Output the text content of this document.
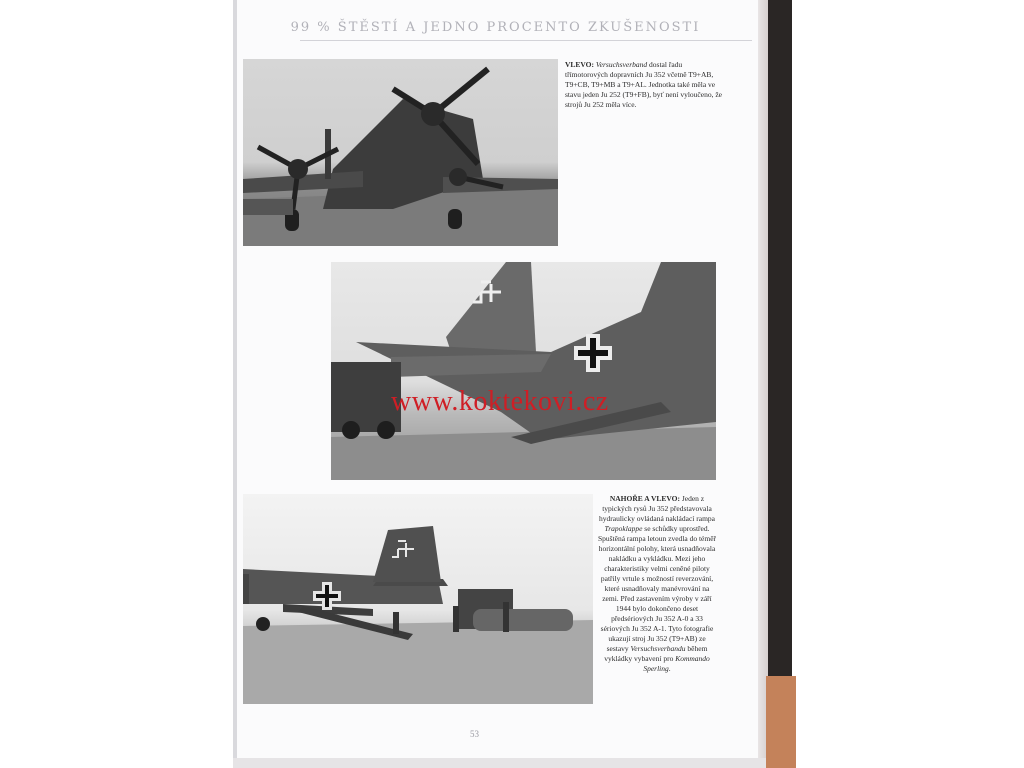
99 % ŠTĚSTÍ A JEDNO PROCENTO ZKUŠENOSTI
VLEVO: Versuchsverband dostal řadu třímotorových dopravních Ju 352 včetně T9+AB, T9+CB, T9+MB a T9+AL. Jednotka také měla ve stavu jeden Ju 252 (T9+FB), byť není vyloučeno, že strojů Ju 252 měla více.
NAHOŘE A VLEVO: Jeden z typických rysů Ju 352 představovala hydraulicky ovládaná nakládací rampa Trapoklappe se schůdky uprostřed. Spuštěná rampa letoun zvedla do téměř horizontální polohy, která usnadňovala nakládku a vykládku. Mezi jeho charakteristiky velmi ceněné piloty patřily vrtule s možností reverzování, které usnadňovaly manévrování na zemi. Před zastavením výroby v září 1944 bylo dokončeno deset předsériových Ju 352 A-0 a 33 sériových Ju 352 A-1. Tyto fotografie ukazují stroj Ju 352 (T9+AB) ze sestavy Versuchsverbandu během vykládky vybavení pro Kommando Sperling.
www.koktekovi.cz
53
